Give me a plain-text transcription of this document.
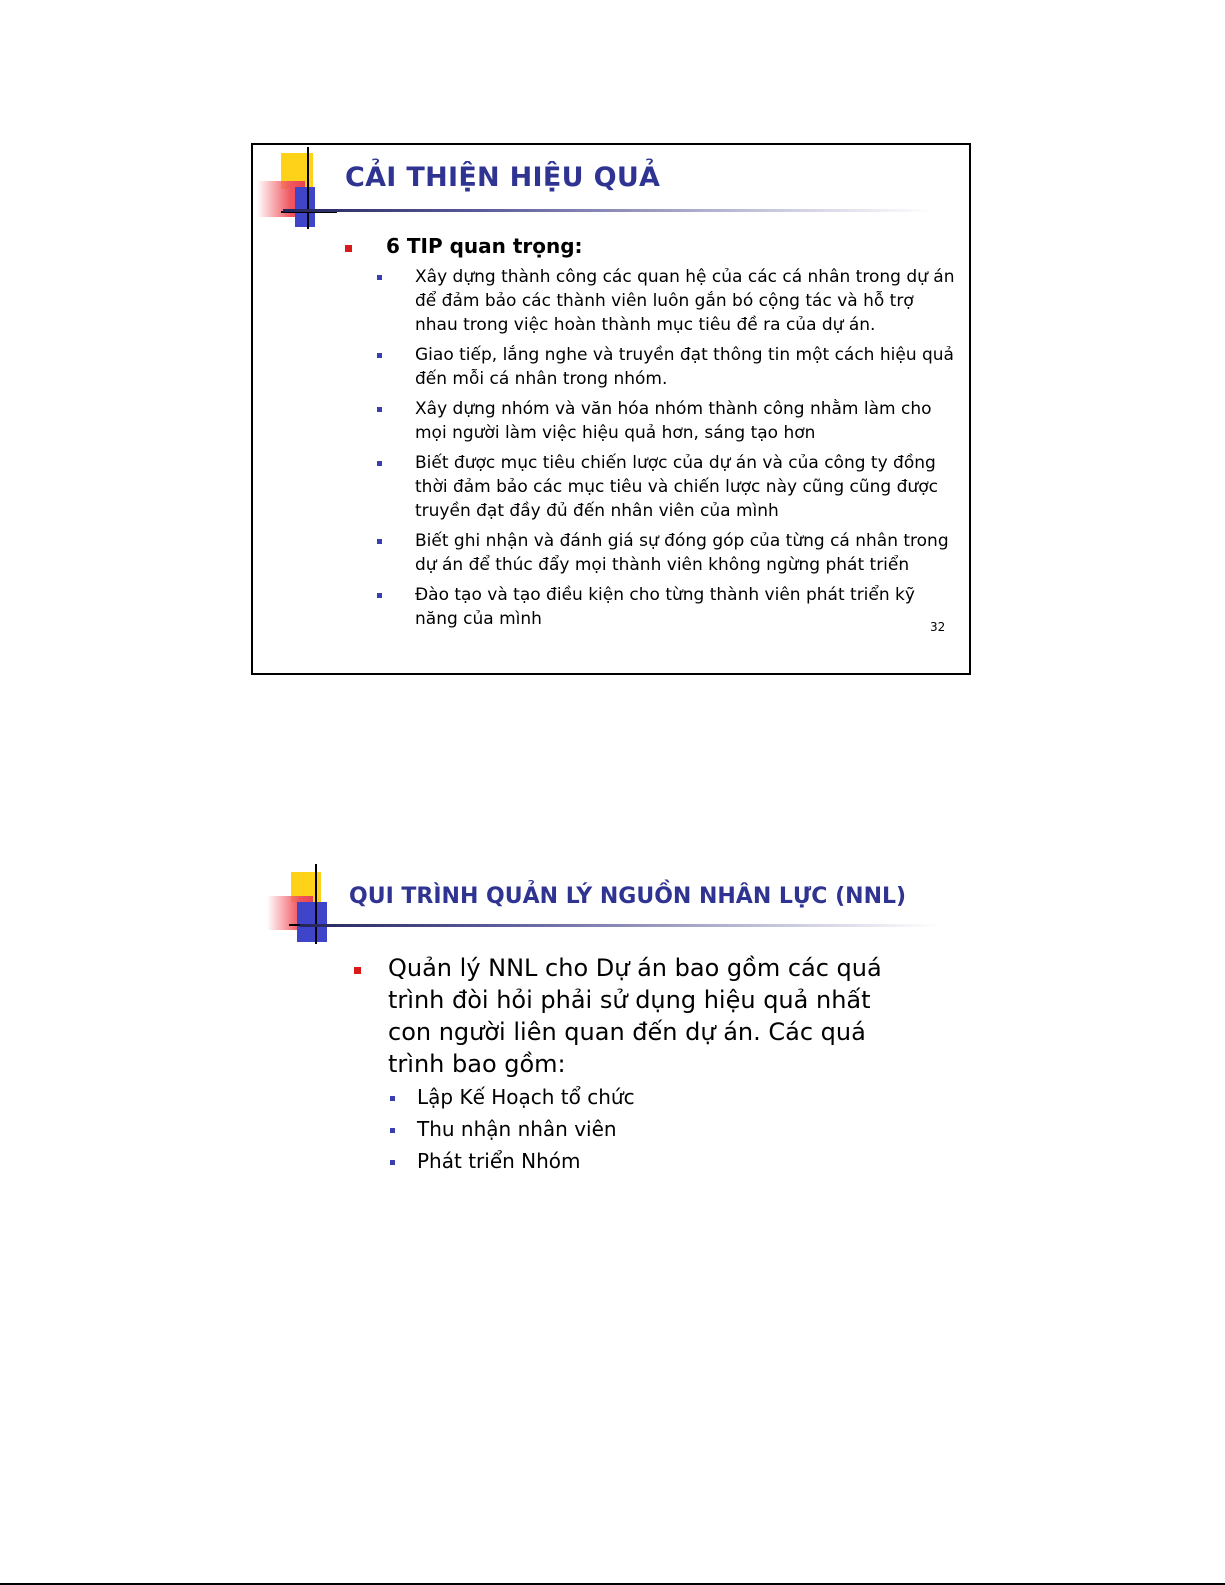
CẢI THIỆN HIỆU QUẢ
6 TIP quan trọng:
Xây dựng thành công các quan hệ của các cá nhân trong dự án để đảm bảo các thành viên luôn gắn bó cộng tác và hỗ trợ nhau trong việc hoàn thành mục tiêu đề ra của dự án.
Giao tiếp, lắng nghe và truyền đạt thông tin một cách hiệu quả đến mỗi cá nhân trong nhóm.
Xây dựng nhóm và văn hóa nhóm thành công nhằm làm cho mọi người làm việc hiệu quả hơn, sáng tạo hơn
Biết được mục tiêu chiến lược của dự án và của công ty đồng thời đảm bảo các mục tiêu và chiến lược này cũng cũng được truyền đạt đầy đủ đến nhân viên của mình
Biết ghi nhận và đánh giá sự đóng góp của từng cá nhân trong dự án để thúc đẩy mọi thành viên không ngừng phát triển
Đào tạo và tạo điều kiện cho từng thành viên phát triển kỹ năng của mình	32
QUI TRÌNH QUẢN LÝ NGUỒN NHÂN LỰC (NNL)
Quản lý NNL cho Dự án bao gồm các quá trình đòi hỏi phải sử dụng hiệu quả nhất con người liên quan đến dự án. Các quá trình bao gồm:
Lập Kế Hoạch tổ chức
Thu nhận nhân viên
Phát triển Nhóm
